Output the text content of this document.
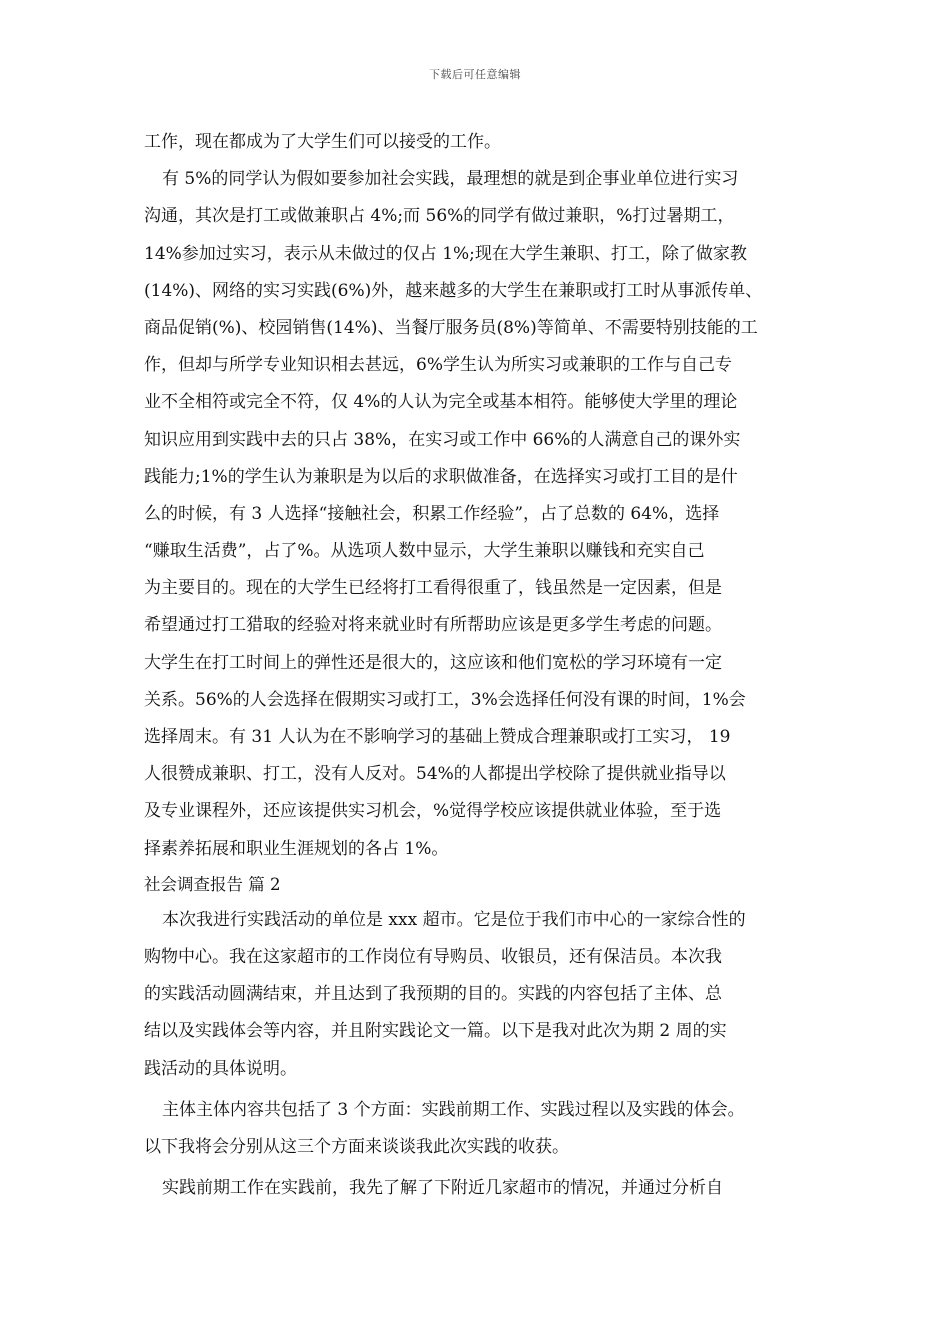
下载后可任意编辑
工作，现在都成为了大学生们可以接受的工作。
有 5%的同学认为假如要参加社会实践，最理想的就是到企事业单位进行实习
沟通，其次是打工或做兼职占 4%;而 56%的同学有做过兼职，%打过暑期工，
14%参加过实习，表示从未做过的仅占 1%;现在大学生兼职、打工，除了做家教
(14%)、网络的实习实践(6%)外，越来越多的大学生在兼职或打工时从事派传单、
商品促销(%)、校园销售(14%)、当餐厅服务员(8%)等简单、不需要特别技能的工
作，但却与所学专业知识相去甚远，6%学生认为所实习或兼职的工作与自己专
业不全相符或完全不符，仅 4%的人认为完全或基本相符。能够使大学里的理论
知识应用到实践中去的只占 38%，在实习或工作中 66%的人满意自己的课外实
践能力;1%的学生认为兼职是为以后的求职做准备，在选择实习或打工目的是什
么的时候，有 3 人选择“接触社会，积累工作经验”，占了总数的 64%，选择
“赚取生活费”，占了%。从选项人数中显示，大学生兼职以赚钱和充实自己
为主要目的。现在的大学生已经将打工看得很重了，钱虽然是一定因素，但是
希望通过打工猎取的经验对将来就业时有所帮助应该是更多学生考虑的问题。
大学生在打工时间上的弹性还是很大的，这应该和他们宽松的学习环境有一定
关系。56%的人会选择在假期实习或打工，3%会选择任何没有课的时间，1%会
选择周末。有 31 人认为在不影响学习的基础上赞成合理兼职或打工实习， 19
人很赞成兼职、打工，没有人反对。54%的人都提出学校除了提供就业指导以
及专业课程外，还应该提供实习机会，%觉得学校应该提供就业体验，至于选
择素养拓展和职业生涯规划的各占 1%。
社会调查报告 篇 2
本次我进行实践活动的单位是 xxx 超市。它是位于我们市中心的一家综合性的
购物中心。我在这家超市的工作岗位有导购员、收银员，还有保洁员。本次我
的实践活动圆满结束，并且达到了我预期的目的。实践的内容包括了主体、总
结以及实践体会等内容，并且附实践论文一篇。以下是我对此次为期 2 周的实
践活动的具体说明。
主体主体内容共包括了 3 个方面：实践前期工作、实践过程以及实践的体会。
以下我将会分别从这三个方面来谈谈我此次实践的收获。
实践前期工作在实践前，我先了解了下附近几家超市的情况，并通过分析自
